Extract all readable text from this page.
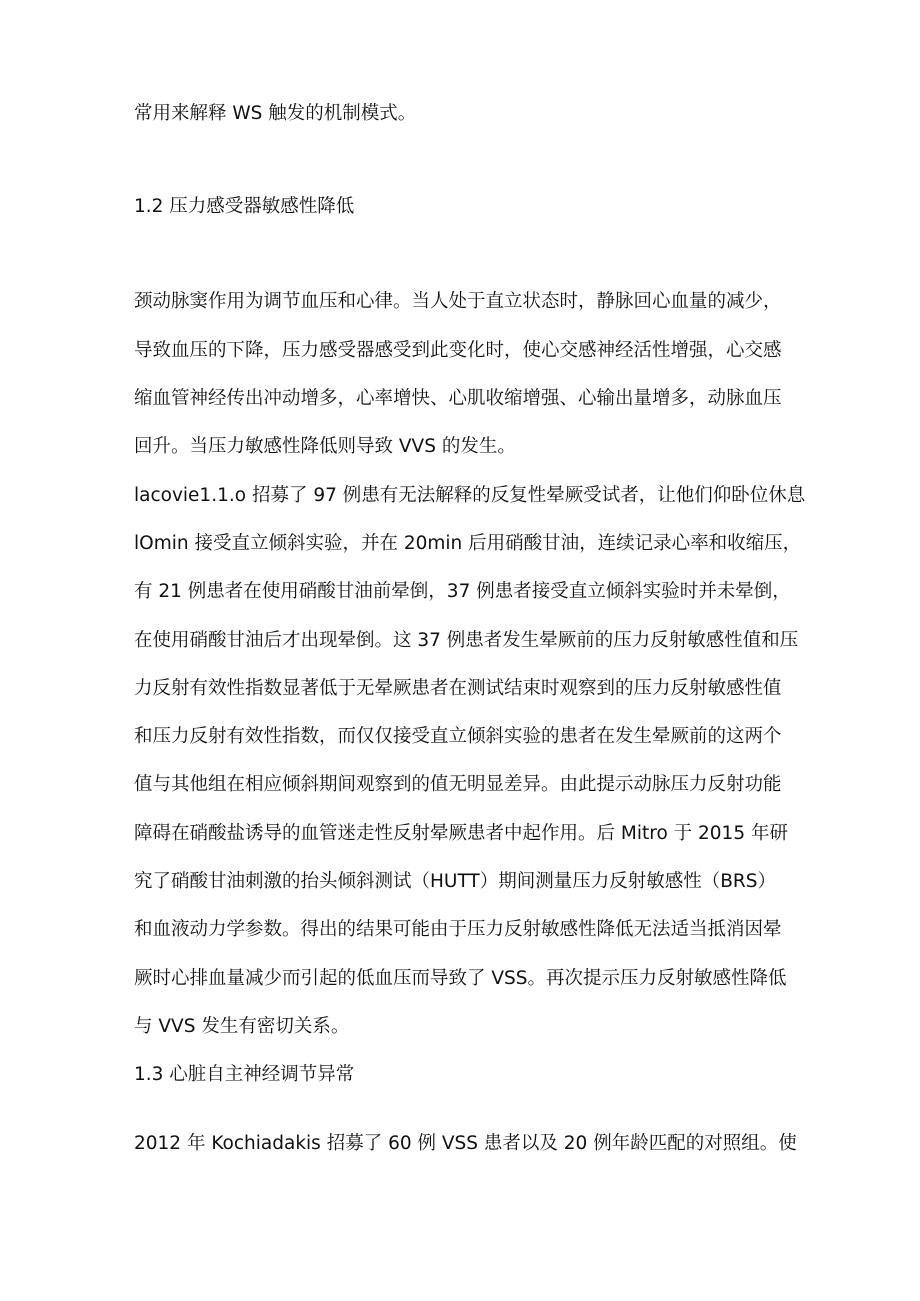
常用来解释 WS 触发的机制模式。
1.2 压力感受器敏感性降低
颈动脉窦作用为调节血压和心律。当人处于直立状态时，静脉回心血量的减少，
导致血压的下降，压力感受器感受到此变化时，使心交感神经活性增强，心交感
缩血管神经传出冲动增多，心率增快、心肌收缩增强、心输出量增多，动脉血压
回升。当压力敏感性降低则导致 VVS 的发生。
lacovie1.1.o 招募了 97 例患有无法解释的反复性晕厥受试者，让他们仰卧位休息
lOmin 接受直立倾斜实验，并在 20min 后用硝酸甘油，连续记录心率和收缩压，
有 21 例患者在使用硝酸甘油前晕倒，37 例患者接受直立倾斜实验时并未晕倒，
在使用硝酸甘油后才出现晕倒。这 37 例患者发生晕厥前的压力反射敏感性值和压
力反射有效性指数显著低于无晕厥患者在测试结束时观察到的压力反射敏感性值
和压力反射有效性指数，而仅仅接受直立倾斜实验的患者在发生晕厥前的这两个
值与其他组在相应倾斜期间观察到的值无明显差异。由此提示动脉压力反射功能
障碍在硝酸盐诱导的血管迷走性反射晕厥患者中起作用。后 Mitro 于 2015 年研
究了硝酸甘油刺激的抬头倾斜测试（HUTT）期间测量压力反射敏感性（BRS）
和血液动力学参数。得出的结果可能由于压力反射敏感性降低无法适当抵消因晕
厥时心排血量减少而引起的低血压而导致了 VSS。再次提示压力反射敏感性降低
与 VVS 发生有密切关系。
1.3 心脏自主神经调节异常
2012 年 Kochiadakis 招募了 60 例 VSS 患者以及 20 例年龄匹配的对照组。使
